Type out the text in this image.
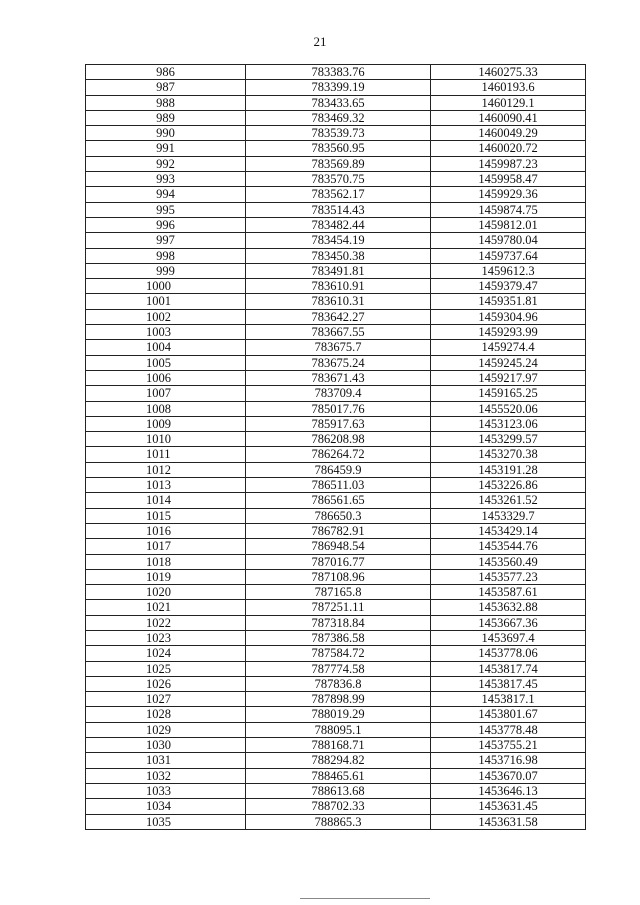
21
986	783383.76	1460275.33
987	783399.19	1460193.6
988	783433.65	1460129.1
989	783469.32	1460090.41
990	783539.73	1460049.29
991	783560.95	1460020.72
992	783569.89	1459987.23
993	783570.75	1459958.47
994	783562.17	1459929.36
995	783514.43	1459874.75
996	783482.44	1459812.01
997	783454.19	1459780.04
998	783450.38	1459737.64
999	783491.81	1459612.3
1000	783610.91	1459379.47
1001	783610.31	1459351.81
1002	783642.27	1459304.96
1003	783667.55	1459293.99
1004	783675.7	1459274.4
1005	783675.24	1459245.24
1006	783671.43	1459217.97
1007	783709.4	1459165.25
1008	785017.76	1455520.06
1009	785917.63	1453123.06
1010	786208.98	1453299.57
1011	786264.72	1453270.38
1012	786459.9	1453191.28
1013	786511.03	1453226.86
1014	786561.65	1453261.52
1015	786650.3	1453329.7
1016	786782.91	1453429.14
1017	786948.54	1453544.76
1018	787016.77	1453560.49
1019	787108.96	1453577.23
1020	787165.8	1453587.61
1021	787251.11	1453632.88
1022	787318.84	1453667.36
1023	787386.58	1453697.4
1024	787584.72	1453778.06
1025	787774.58	1453817.74
1026	787836.8	1453817.45
1027	787898.99	1453817.1
1028	788019.29	1453801.67
1029	788095.1	1453778.48
1030	788168.71	1453755.21
1031	788294.82	1453716.98
1032	788465.61	1453670.07
1033	788613.68	1453646.13
1034	788702.33	1453631.45
1035	788865.3	1453631.58
